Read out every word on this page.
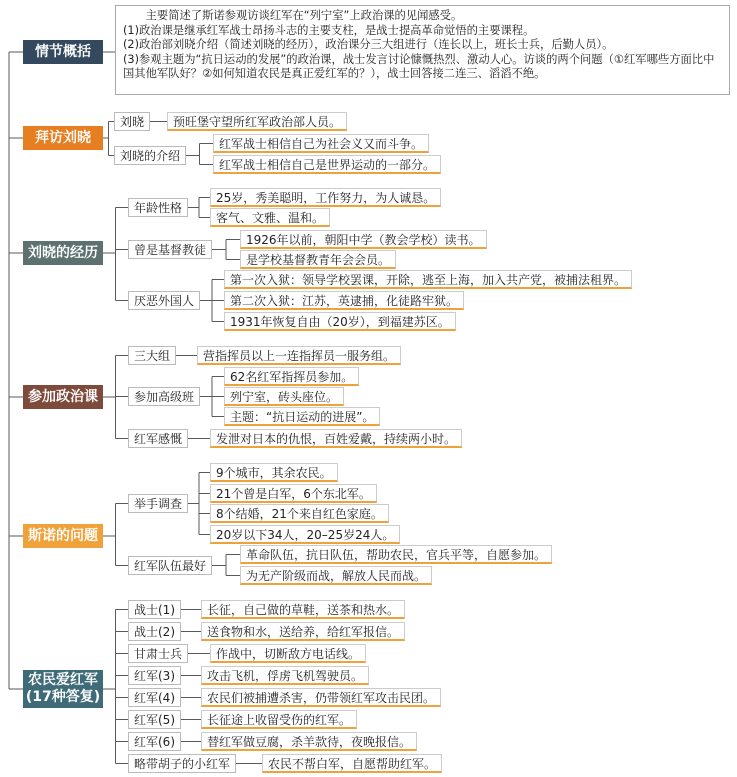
主要简述了斯诺参观访谈红军在“列宁室”上政治课的见闻感受。

(1)政治课是继承红军战士昂扬斗志的主要支柱，是战士提高革命觉悟的主要课程。

(2)政治部刘晓介绍（简述刘晓的经历），政治课分三大组进行（连长以上，班长士兵，后勤人员）。

(3)参观主题为“抗日运动的发展”的政治课，战士发言讨论慷慨热烈、激动人心。访谈的两个问题（①红军哪些方面比中国其他军队好？②如何知道农民是真正爱红军的？），战士回答接二连三、滔滔不绝。

情节概括
拜访刘晓
刘晓的经历
参加政治课
斯诺的问题
农民爱红军
(17种答复)
刘晓	预旺堡守望所红军政治部人员。
刘晓的介绍
红军战士相信自己为社会义又而斗争。
红军战士相信自己是世界运动的一部分。
年龄性格
25岁，秀美聪明，工作努力，为人诚恳。
客气、文雅、温和。
曾是基督教徒
1926年以前，朝阳中学（教会学校）读书。
是学校基督教青年会会员。
厌恶外国人
第一次入狱：领导学校罢课，开除，逃至上海，加入共产党，被捕法租界。
第二次入狱：江苏，英逮捕，化徒路牢狱。
1931年恢复自由（20岁），到福建苏区。
三大组	营指挥员以上一连指挥员一服务组。
参加高级班
62名红军指挥员参加。
列宁室，砖头座位。
主题：“抗日运动的进展”。
红军感慨	发泄对日本的仇恨，百姓爱戴，持续两小时。
举手调查
9个城市，其余农民。
21个曾是白军，6个东北军。
8个结婚，21个来自红色家庭。
20岁以下34人，20–25岁24人。
红军队伍最好
革命队伍，抗日队伍，帮助农民，官兵平等，自愿参加。
为无产阶级而战，解放人民而战。
战士(1)	长征，自己做的草鞋，送茶和热水。
战士(2)	送食物和水，送给养，给红军报信。
甘肃士兵	作战中，切断敌方电话线。
红军(3)	攻击飞机，俘虏飞机驾驶员。
红军(4)	农民们被捕遭杀害，仍带领红军攻击民团。
红军(5)	长征途上收留受伤的红军。
红军(6)	替红军做豆腐，杀羊款待，夜晚报信。
略带胡子的小红军	农民不帮白军，自愿帮助红军。
